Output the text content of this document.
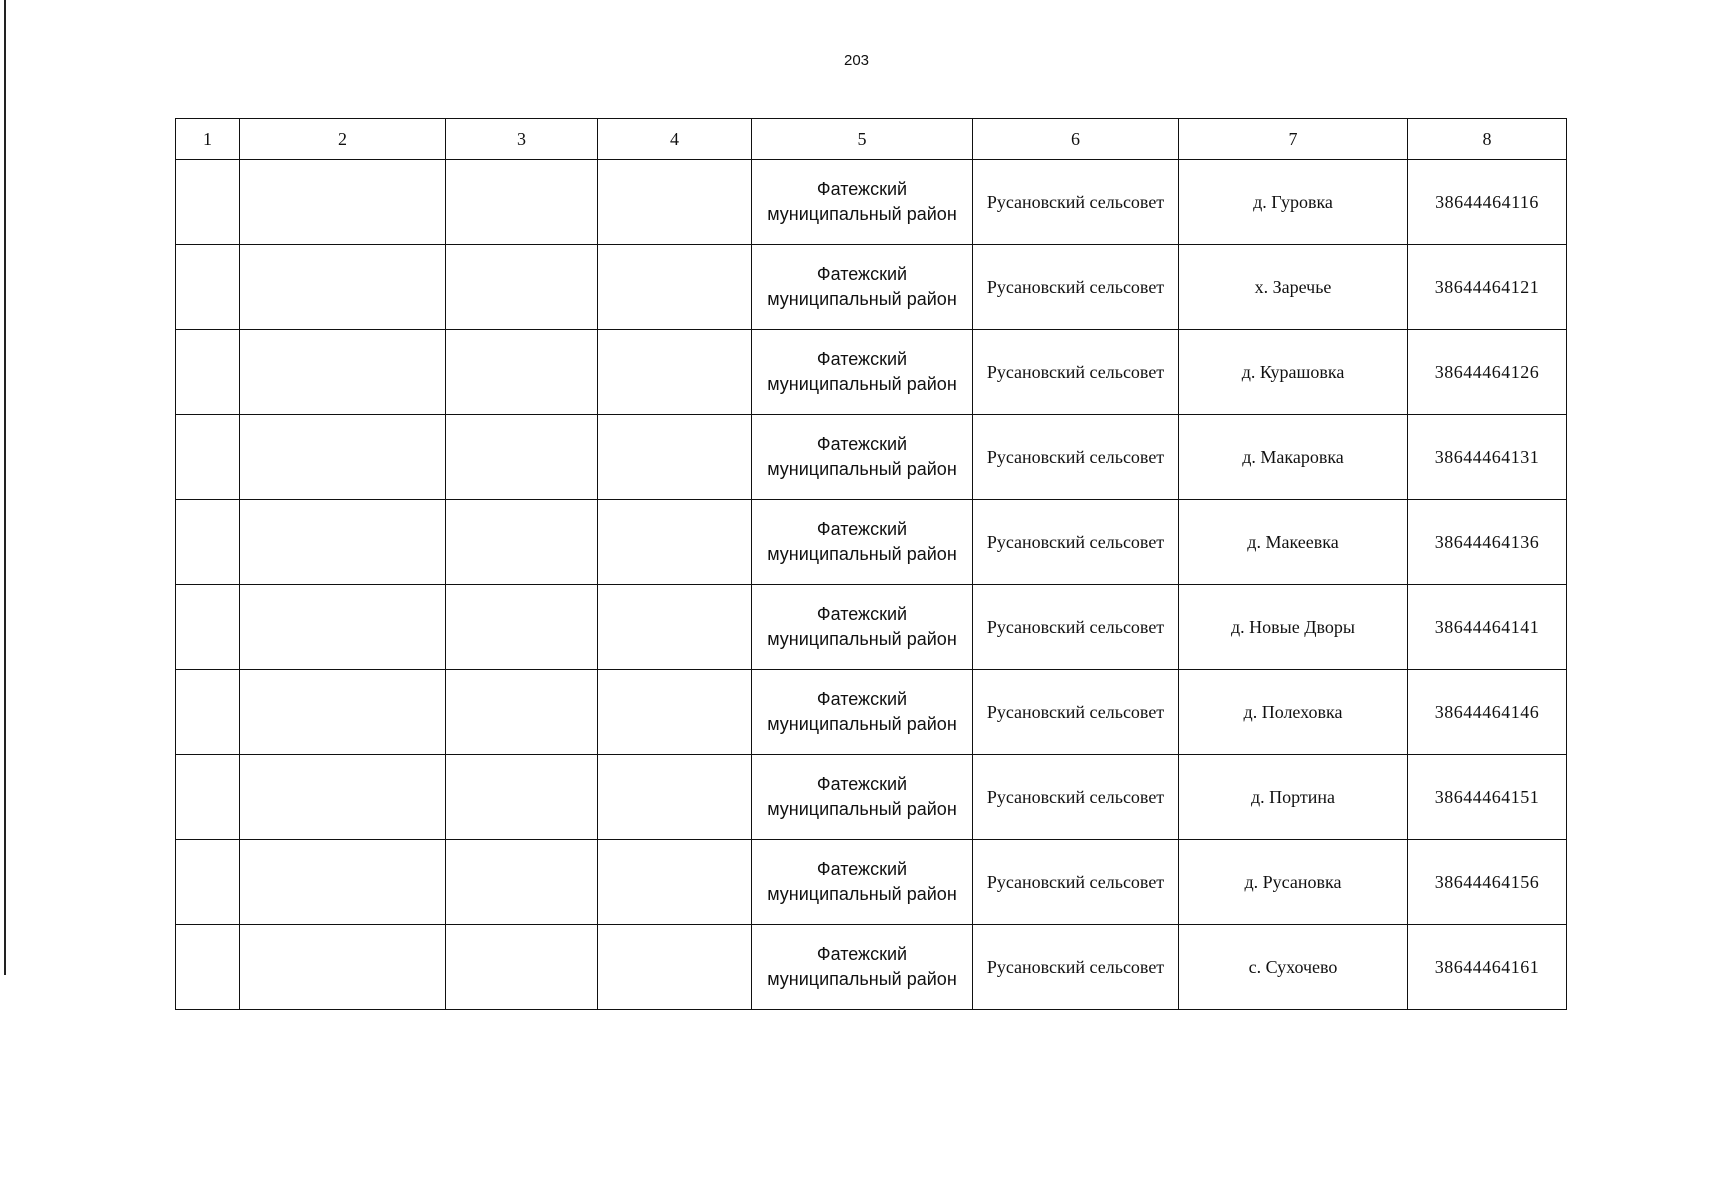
203
1	2	3	4	5	6	7	8
				Фатежский муниципальный район	Русановский сельсовет	д. Гуровка	38644464116
				Фатежский муниципальный район	Русановский сельсовет	х. Заречье	38644464121
				Фатежский муниципальный район	Русановский сельсовет	д. Курашовка	38644464126
				Фатежский муниципальный район	Русановский сельсовет	д. Макаровка	38644464131
				Фатежский муниципальный район	Русановский сельсовет	д. Макеевка	38644464136
				Фатежский муниципальный район	Русановский сельсовет	д. Новые Дворы	38644464141
				Фатежский муниципальный район	Русановский сельсовет	д. Полеховка	38644464146
				Фатежский муниципальный район	Русановский сельсовет	д. Портина	38644464151
				Фатежский муниципальный район	Русановский сельсовет	д. Русановка	38644464156
				Фатежский муниципальный район	Русановский сельсовет	с. Сухочево	38644464161
